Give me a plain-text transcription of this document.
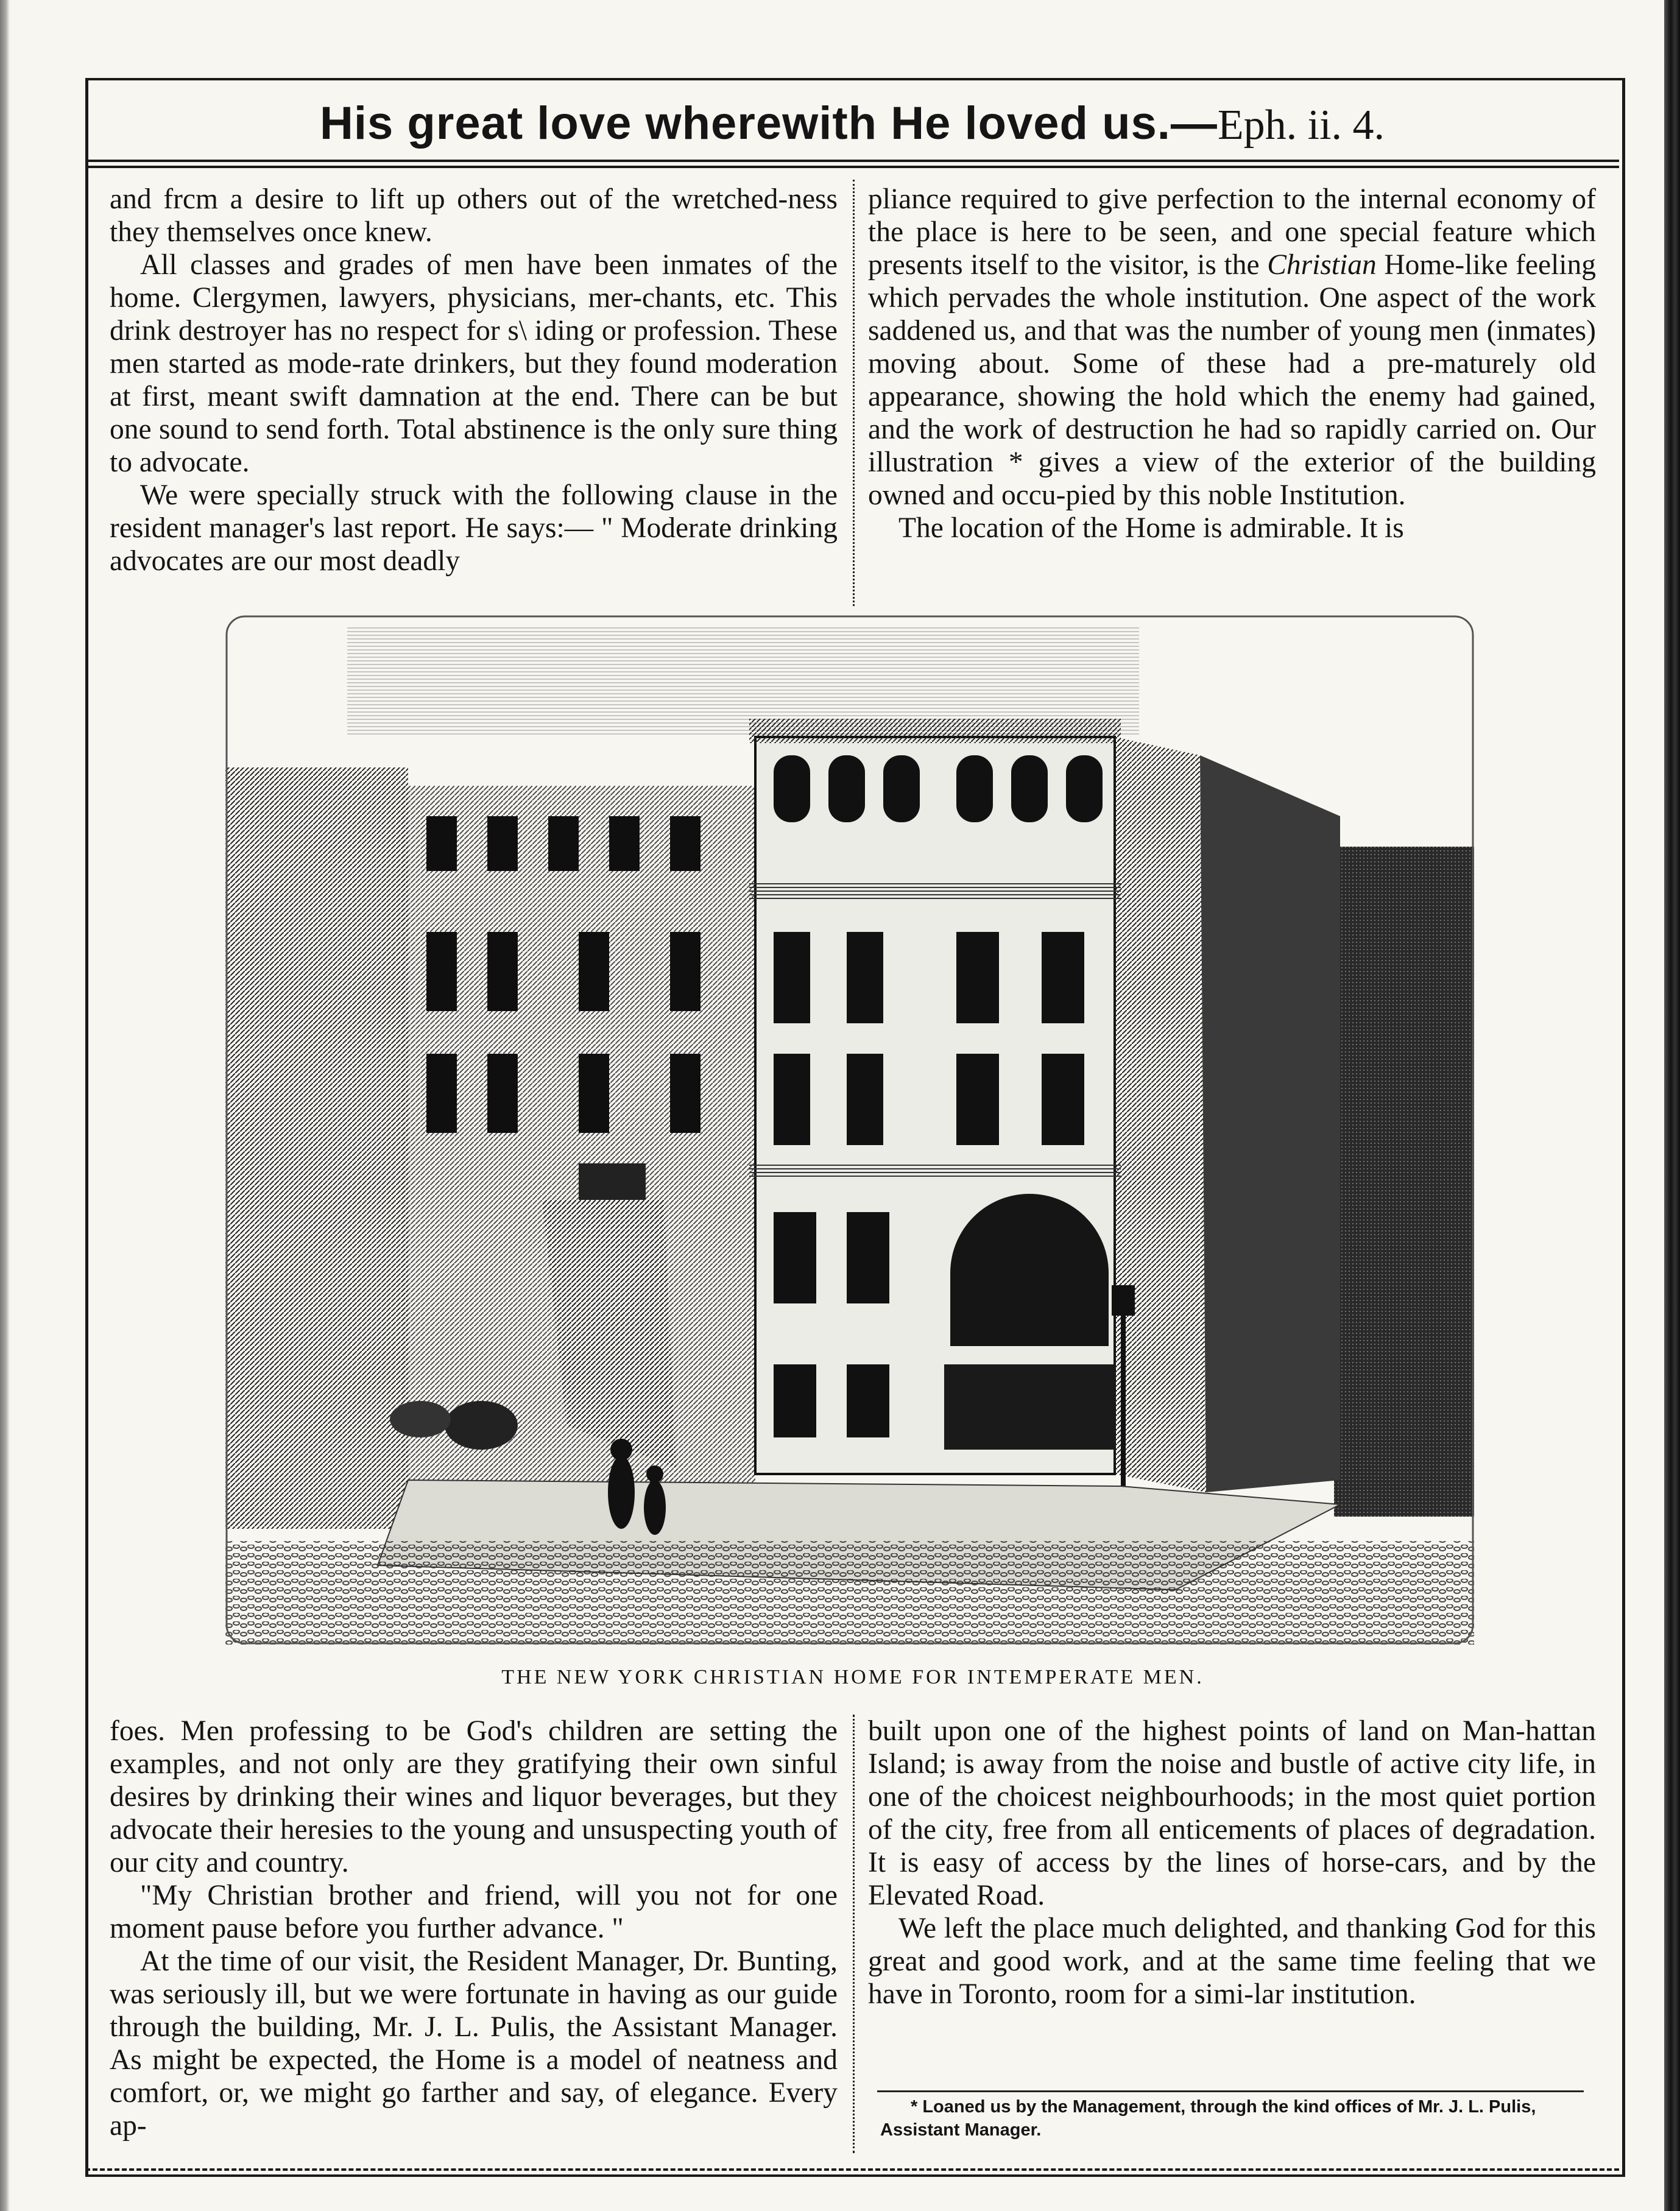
His great love wherewith He loved us.—Eph. ii. 4.

and frcm a desire to lift up others out of the wretched-ness they themselves once knew.

All classes and grades of men have been inmates of the home. Clergymen, lawyers, physicians, mer-chants, etc. This drink destroyer has no respect for s\ iding or profession. These men started as mode-rate drinkers, but they found moderation at first, meant swift damnation at the end. There can be but one sound to send forth. Total abstinence is the only sure thing to advocate.

We were specially struck with the following clause in the resident manager's last report. He says:— " Moderate drinking advocates are our most deadly

pliance required to give perfection to the internal economy of the place is here to be seen, and one special feature which presents itself to the visitor, is the Christian Home-like feeling which pervades the whole institution. One aspect of the work saddened us, and that was the number of young men (inmates) moving about. Some of these had a pre-maturely old appearance, showing the hold which the enemy had gained, and the work of destruction he had so rapidly carried on. Our illustration * gives a view of the exterior of the building owned and occu-pied by this noble Institution.

The location of the Home is admirable. It is

THE NEW YORK CHRISTIAN HOME FOR INTEMPERATE MEN.

foes. Men professing to be God's children are setting the examples, and not only are they gratifying their own sinful desires by drinking their wines and liquor beverages, but they advocate their heresies to the young and unsuspecting youth of our city and country.

"My Christian brother and friend, will you not for one moment pause before you further advance. "

At the time of our visit, the Resident Manager, Dr. Bunting, was seriously ill, but we were fortunate in having as our guide through the building, Mr. J. L. Pulis, the Assistant Manager. As might be expected, the Home is a model of neatness and comfort, or, we might go farther and say, of elegance. Every ap-

built upon one of the highest points of land on Man-hattan Island; is away from the noise and bustle of active city life, in one of the choicest neighbourhoods; in the most quiet portion of the city, free from all enticements of places of degradation. It is easy of access by the lines of horse-cars, and by the Elevated Road.

We left the place much delighted, and thanking God for this great and good work, and at the same time feeling that we have in Toronto, room for a simi-lar institution.

* Loaned us by the Management, through the kind offices of Mr. J. L. Pulis, Assistant Manager.
